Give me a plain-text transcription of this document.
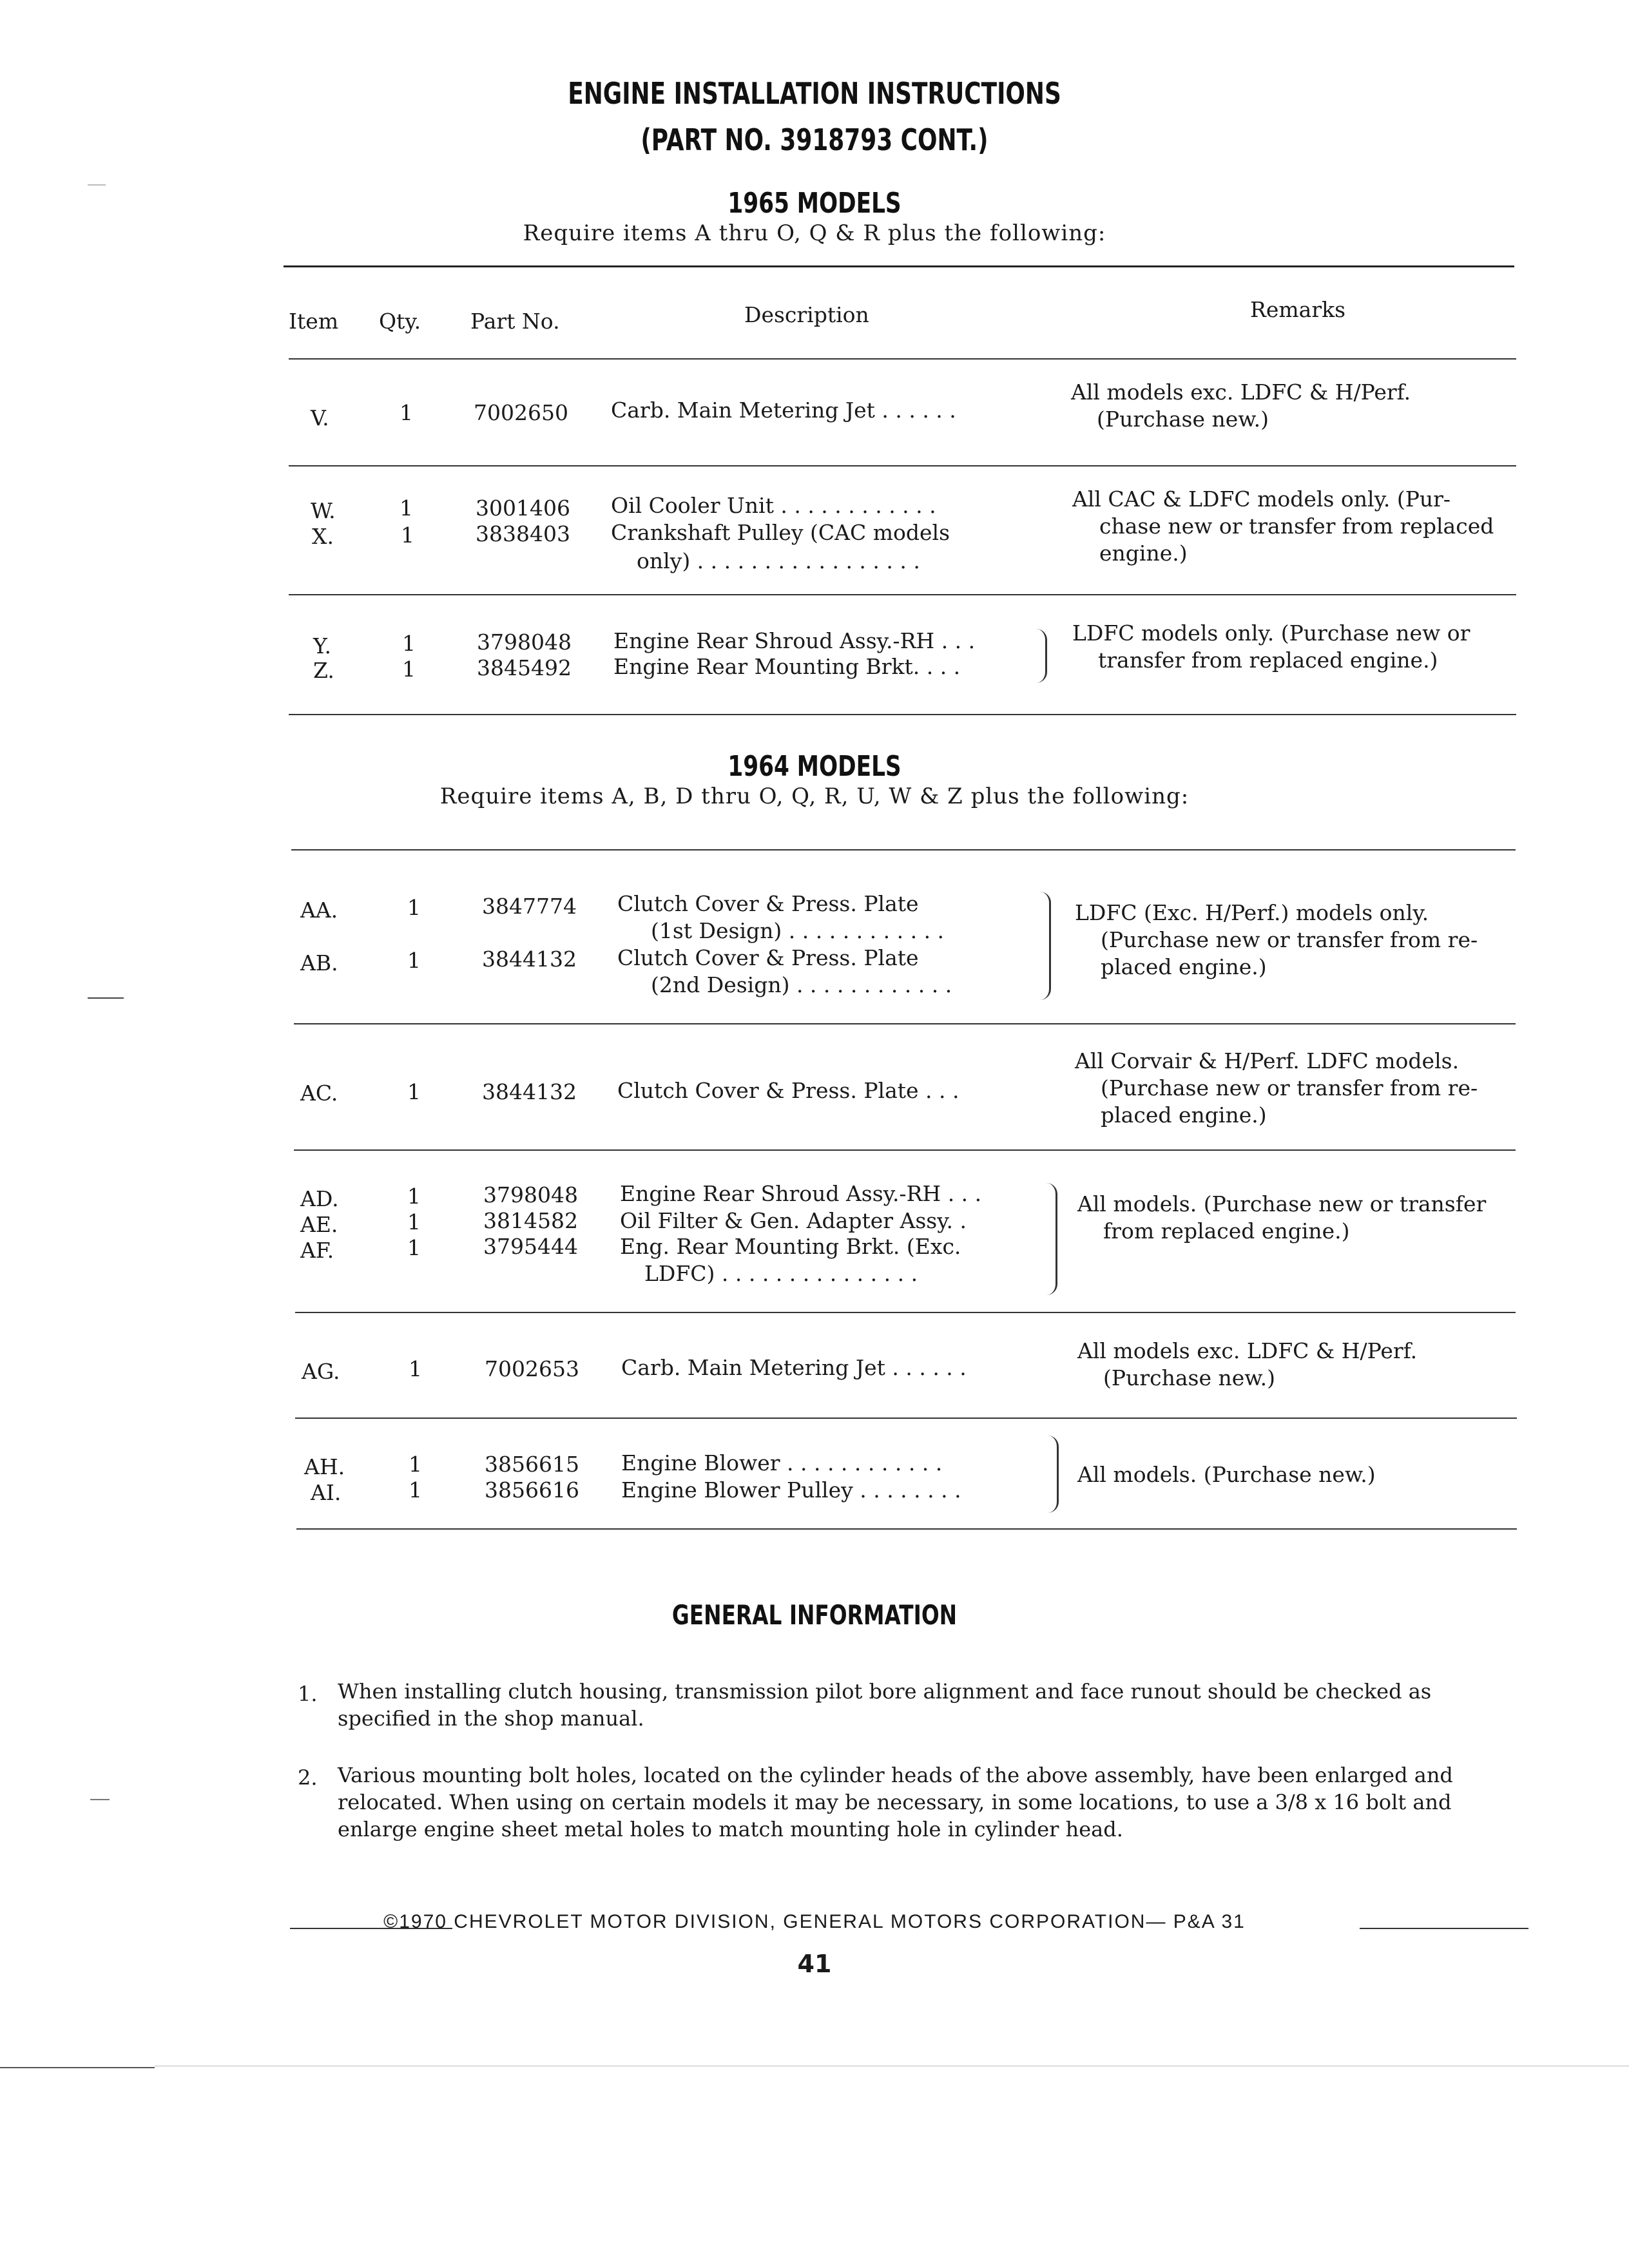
ENGINE INSTALLATION INSTRUCTIONS
(PART NO. 3918793 CONT.)
1965 MODELS
Require items A thru O, Q & R plus the following:
Item Qty. Part No.	Description	Remarks
V.	1	7002650 Carb. Main Metering Jet . . . . . .
All models exc. LDFC & H/Perf.
(Purchase new.)
W.	1	3001406 Oil Cooler Unit . . . . . . . . . . . .
X.	1	3838403 Crankshaft Pulley (CAC models
only) . . . . . . . . . . . . . . . . .
All CAC & LDFC models only. (Pur-
chase new or transfer from replaced
engine.)
Y.	1	3798048 Engine Rear Shroud Assy.-RH . . .
Z.	1	3845492 Engine Rear Mounting Brkt. . . .
LDFC models only. (Purchase new or
transfer from replaced engine.)
1964 MODELS
Require items A, B, D thru O, Q, R, U, W & Z plus the following:
AA.	1	3847774 Clutch Cover & Press. Plate
(1st Design) . . . . . . . . . . . .
AB.	1	3844132 Clutch Cover & Press. Plate
(2nd Design) . . . . . . . . . . . .
LDFC (Exc. H/Perf.) models only.
(Purchase new or transfer from re-
placed engine.)
AC.	1	3844132 Clutch Cover & Press. Plate . . .
All Corvair & H/Perf. LDFC models.
(Purchase new or transfer from re-
placed engine.)
AD.	1	3798048 Engine Rear Shroud Assy.-RH . . .
AE.	1	3814582 Oil Filter & Gen. Adapter Assy. .
AF.	1	3795444 Eng. Rear Mounting Brkt. (Exc.
LDFC) . . . . . . . . . . . . . . .
All models. (Purchase new or transfer
from replaced engine.)
AG.	1	7002653 Carb. Main Metering Jet . . . . . .
All models exc. LDFC & H/Perf.
(Purchase new.)
AH.	1	3856615 Engine Blower . . . . . . . . . . . .
AI.	1	3856616 Engine Blower Pulley . . . . . . . .
All models. (Purchase new.)
GENERAL INFORMATION
1. When installing clutch housing, transmission pilot bore alignment and face runout should be checked as specified in the shop manual.
2. Various mounting bolt holes, located on the cylinder heads of the above assembly, have been enlarged and relocated. When using on certain models it may be necessary, in some locations, to use a 3/8 x 16 bolt and enlarge engine sheet metal holes to match mounting hole in cylinder head.
©1970 CHEVROLET MOTOR DIVISION, GENERAL MOTORS CORPORATION— P&A 31
41
